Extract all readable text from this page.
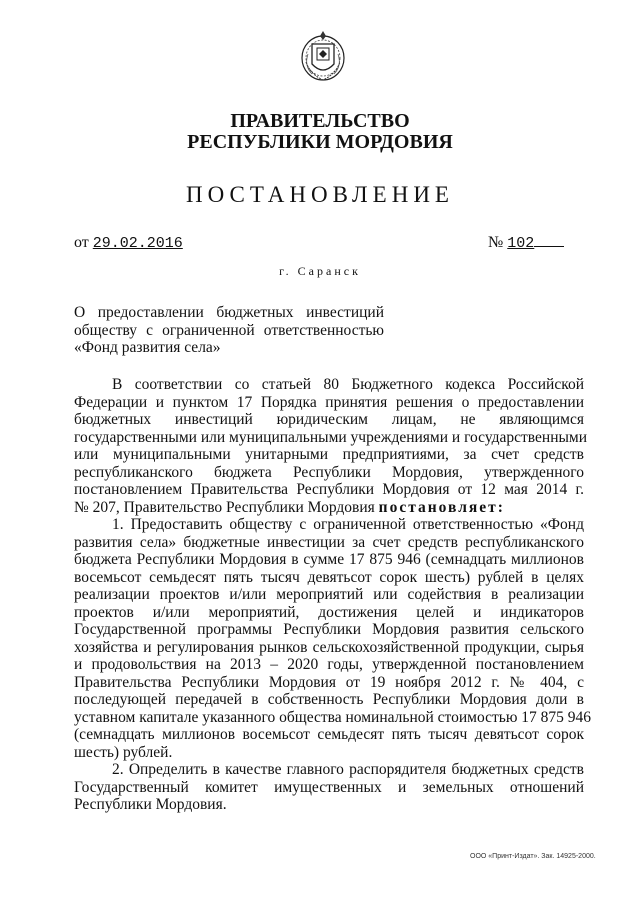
ПРАВИТЕЛЬСТВО
РЕСПУБЛИКИ МОРДОВИЯ
ПОСТАНОВЛЕНИЕ
от 29.02.2016	№ 102
г. Саранск
О предоставлении бюджетных инвестиций
обществу с ограниченной ответственностью
«Фонд развития села»
В соответствии со статьей 80 Бюджетного кодекса Российской
Федерации и пунктом 17 Порядка принятия решения о предоставлении
бюджетных инвестиций юридическим лицам, не являющимся
государственными или муниципальными учреждениями и государственными
или муниципальными унитарными предприятиями, за счет средств
республиканского бюджета Республики Мордовия, утвержденного
постановлением Правительства Республики Мордовия от 12 мая 2014 г.
№ 207, Правительство Республики Мордовия постановляет:
1. Предоставить обществу с ограниченной ответственностью «Фонд
развития села» бюджетные инвестиции за счет средств республиканского
бюджета Республики Мордовия в сумме 17 875 946 (семнадцать миллионов
восемьсот семьдесят пять тысяч девятьсот сорок шесть) рублей в целях
реализации проектов и/или мероприятий или содействия в реализации
проектов и/или мероприятий, достижения целей и индикаторов
Государственной программы Республики Мордовия развития сельского
хозяйства и регулирования рынков сельскохозяйственной продукции, сырья
и продовольствия на 2013 – 2020 годы, утвержденной постановлением
Правительства Республики Мордовия от 19 ноября 2012 г. № 404, с
последующей передачей в собственность Республики Мордовия доли в
уставном капитале указанного общества номинальной стоимостью 17 875 946
(семнадцать миллионов восемьсот семьдесят пять тысяч девятьсот сорок
шесть) рублей.
2. Определить в качестве главного распорядителя бюджетных средств
Государственный комитет имущественных и земельных отношений
Республики Мордовия.
ООО «Принт-Издат». Зак. 14925-2000.
